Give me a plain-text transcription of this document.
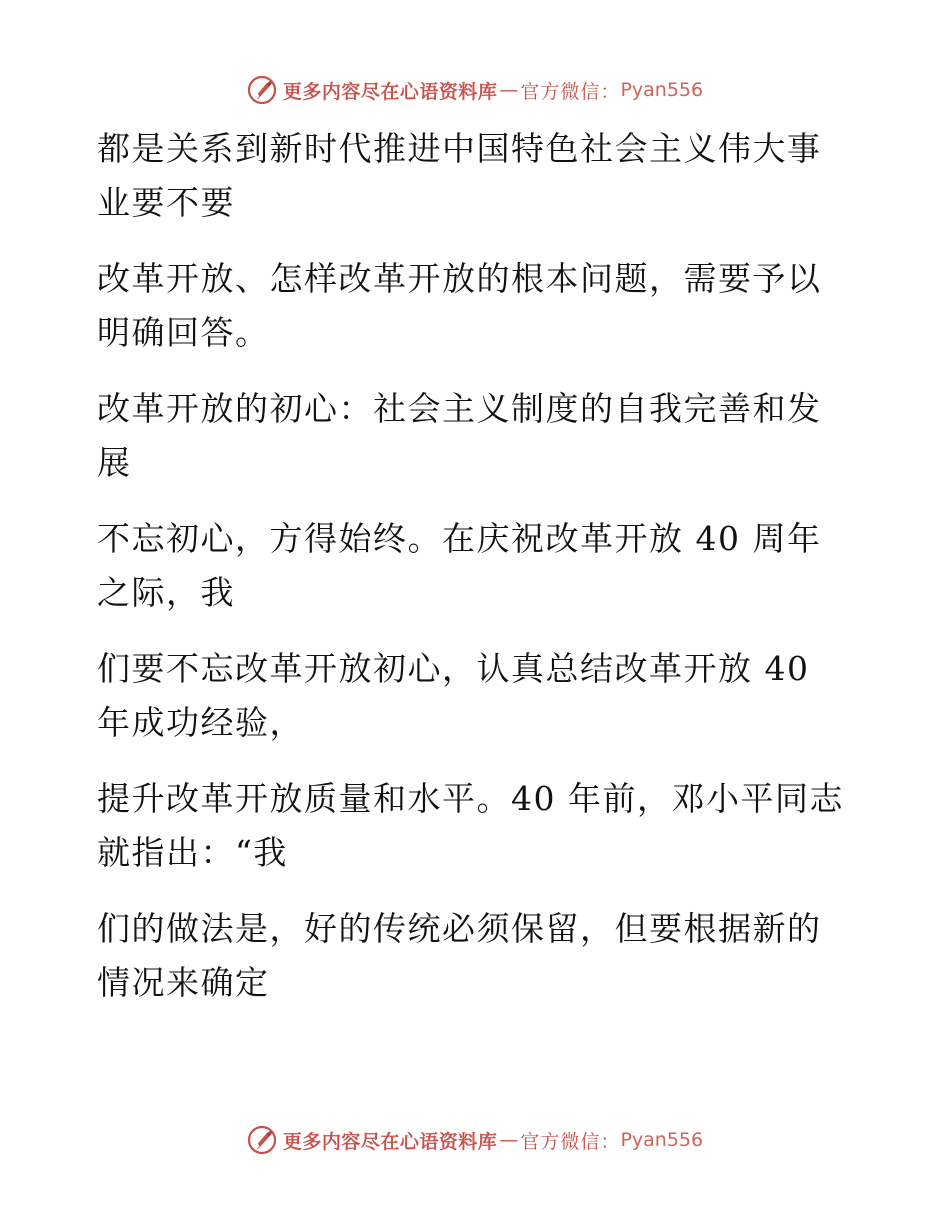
更多内容尽在心语资料库 — 官方微信： Pyan556

都是关系到新时代推进中国特色社会主义伟大事
业要不要

改革开放、怎样改革开放的根本问题，需要予以
明确回答。

改革开放的初心：社会主义制度的自我完善和发
展

不忘初心，方得始终。在庆祝改革开放 40 周年
之际，我

们要不忘改革开放初心，认真总结改革开放 40
年成功经验，

提升改革开放质量和水平。40 年前，邓小平同志
就指出：“我

们的做法是，好的传统必须保留，但要根据新的
情况来确定

更多内容尽在心语资料库 — 官方微信： Pyan556
